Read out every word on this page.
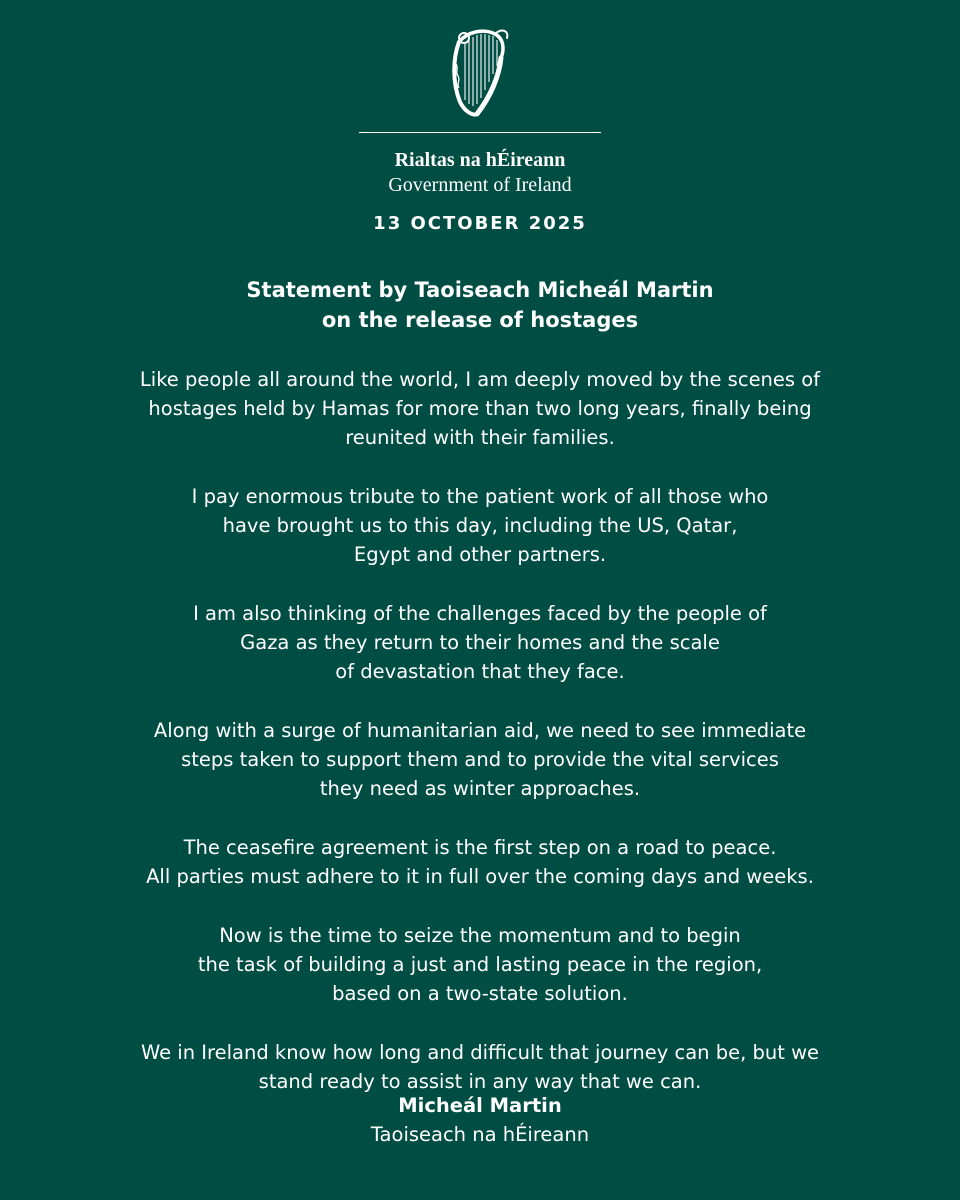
Rialtas na hÉireann
Government of Ireland
13 OCTOBER 2025
Statement by Taoiseach Micheál Martin
on the release of hostages

Like people all around the world, I am deeply moved by the scenes of
hostages held by Hamas for more than two long years, finally being
reunited with their families.

I pay enormous tribute to the patient work of all those who
have brought us to this day, including the US, Qatar,
Egypt and other partners.

I am also thinking of the challenges faced by the people of
Gaza as they return to their homes and the scale
of devastation that they face.

Along with a surge of humanitarian aid, we need to see immediate
steps taken to support them and to provide the vital services
they need as winter approaches.

The ceasefire agreement is the first step on a road to peace.
All parties must adhere to it in full over the coming days and weeks.

Now is the time to seize the momentum and to begin
the task of building a just and lasting peace in the region,
based on a two-state solution.

We in Ireland know how long and difficult that journey can be, but we
stand ready to assist in any way that we can.

Micheál Martin
Taoiseach na hÉireann
